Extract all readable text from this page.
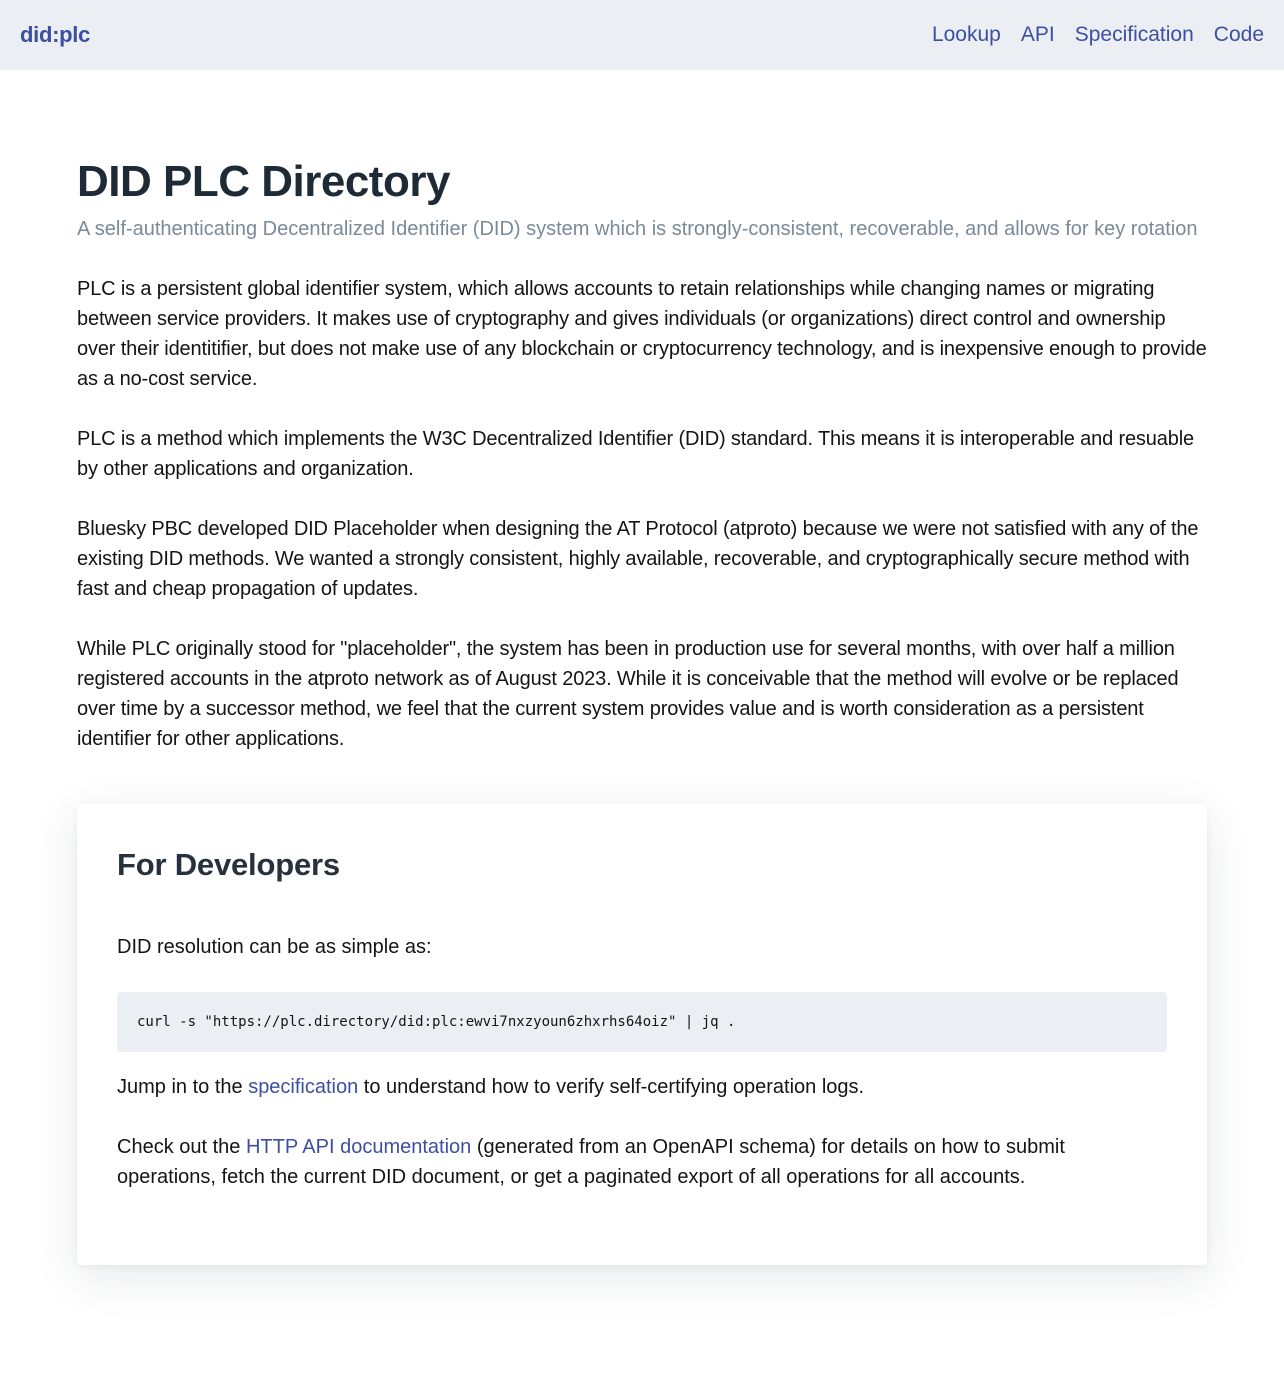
did:plc	Lookup API Specification Code
DID PLC Directory

A self-authenticating Decentralized Identifier (DID) system which is strongly-consistent, recoverable, and allows for key rotation

PLC is a persistent global identifier system, which allows accounts to retain relationships while changing names or migrating between service providers. It makes use of cryptography and gives individuals (or organizations) direct control and ownership over their identitifier, but does not make use of any blockchain or cryptocurrency technology, and is inexpensive enough to provide as a no-cost service.

PLC is a method which implements the W3C Decentralized Identifier (DID) standard. This means it is interoperable and resuable by other applications and organization.

Bluesky PBC developed DID Placeholder when designing the AT Protocol (atproto) because we were not satisfied with any of the existing DID methods. We wanted a strongly consistent, highly available, recoverable, and cryptographically secure method with fast and cheap propagation of updates.

While PLC originally stood for "placeholder", the system has been in production use for several months, with over half a million registered accounts in the atproto network as of August 2023. While it is conceivable that the method will evolve or be replaced over time by a successor method, we feel that the current system provides value and is worth consideration as a persistent identifier for other applications.

For Developers

DID resolution can be as simple as:

curl -s "https://plc.directory/did:plc:ewvi7nxzyoun6zhxrhs64oiz" | jq .

Jump in to the specification to understand how to verify self-certifying operation logs.

Check out the HTTP API documentation (generated from an OpenAPI schema) for details on how to submit operations, fetch the current DID document, or get a paginated export of all operations for all accounts.
